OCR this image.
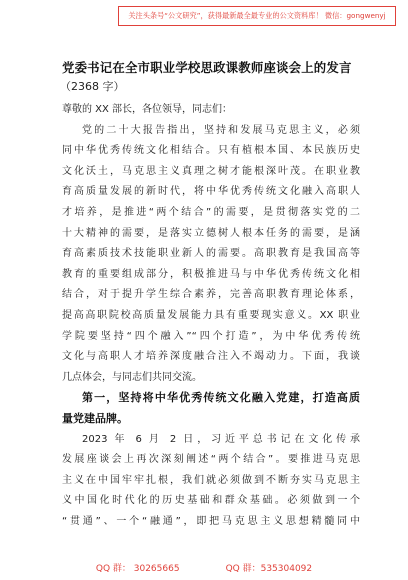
关注头条号“公文研究”，获得最新最全最专业的公文资料库！ 微信：gongwenyj
党委书记在全市职业学校思政课教师座谈会上的发言
（2368 字）
尊敬的 XX 部长，各位领导，同志们：
党的二十大报告指出，坚持和发展马克思主义，必须
同中华优秀传统文化相结合。只有植根本国、本民族历史
文化沃土，马克思主义真理之树才能根深叶茂。在职业教
育高质量发展的新时代，将中华优秀传统文化融入高职人
才培养，是推进“两个结合”的需要，是贯彻落实党的二
十大精神的需要，是落实立德树人根本任务的需要，是涵
育高素质技术技能职业新人的需要。高职教育是我国高等
教育的重要组成部分，积极推进马与中华优秀传统文化相
结合，对于提升学生综合素养，完善高职教育理论体系，
提高高职院校高质量发展能力具有重要现实意义。XX 职业
学院要坚持“四个融入”“四个打造”，为中华优秀传统
文化与高职人才培养深度融合注入不竭动力。下面，我谈
几点体会，与同志们共同交流。
第一，坚持将中华优秀传统文化融入党建，打造高质
量党建品牌。
2023 年 6 月 2 日，习近平总书记在文化传承
发展座谈会上再次深刻阐述“两个结合”。要推进马克思
主义在中国牢牢扎根，我们就必须做到不断夯实马克思主
义中国化时代化的历史基础和群众基础。必须做到一个
“贯通”、一个“融通”，即把马克思主义思想精髓同中
QQ 群： 30265665	QQ 群：535304092
